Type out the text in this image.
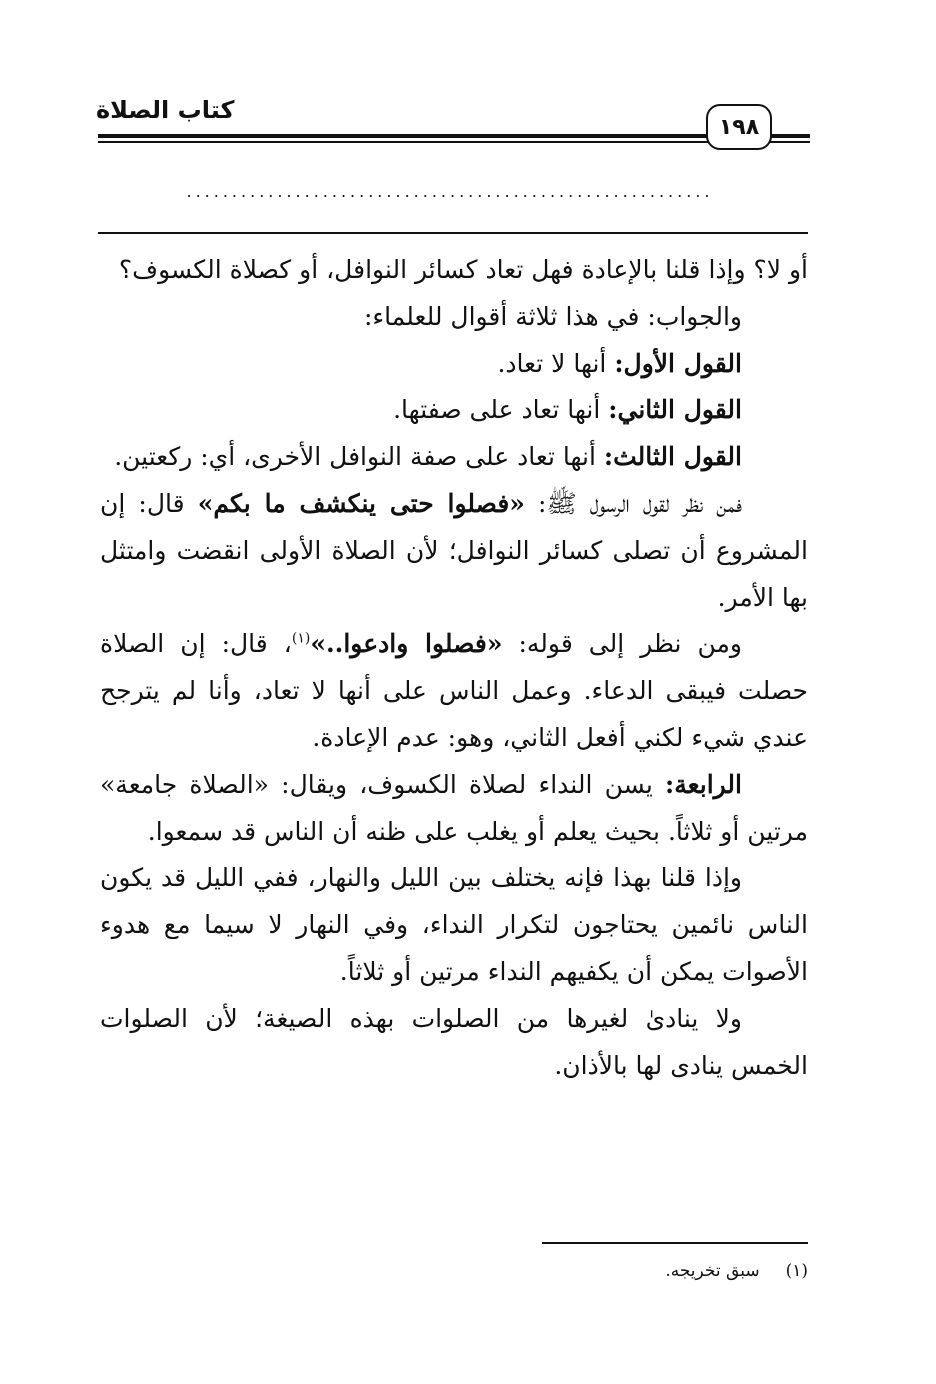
كتاب الصلاة
١٩٨
..........................................................

أو لا؟ وإذا قلنا بالإعادة فهل تعاد كسائر النوافل، أو كصلاة الكسوف؟

والجواب: في هذا ثلاثة أقوال للعلماء:

القول الأول: أنها لا تعاد.

القول الثاني: أنها تعاد على صفتها.

القول الثالث: أنها تعاد على صفة النوافل الأخرى، أي: ركعتين.

فمن نظر لقول الرسول ﷺ: «فصلوا حتى ينكشف ما بكم» قال: إن المشروع أن تصلى كسائر النوافل؛ لأن الصلاة الأولى انقضت وامتثل بها الأمر.

ومن نظر إلى قوله: «فصلوا وادعوا..»$^{(١)}$، قال: إن الصلاة حصلت فيبقى الدعاء. وعمل الناس على أنها لا تعاد، وأنا لم يترجح عندي شيء لكني أفعل الثاني، وهو: عدم الإعادة.

الرابعة: يسن النداء لصلاة الكسوف، ويقال: «الصلاة جامعة» مرتين أو ثلاثاً. بحيث يعلم أو يغلب على ظنه أن الناس قد سمعوا.

وإذا قلنا بهذا فإنه يختلف بين الليل والنهار، ففي الليل قد يكون الناس نائمين يحتاجون لتكرار النداء، وفي النهار لا سيما مع هدوء الأصوات يمكن أن يكفيهم النداء مرتين أو ثلاثاً.

ولا ينادىٰ لغيرها من الصلوات بهذه الصيغة؛ لأن الصلوات الخمس ينادى لها بالأذان.

(١)سبق تخريجه.
